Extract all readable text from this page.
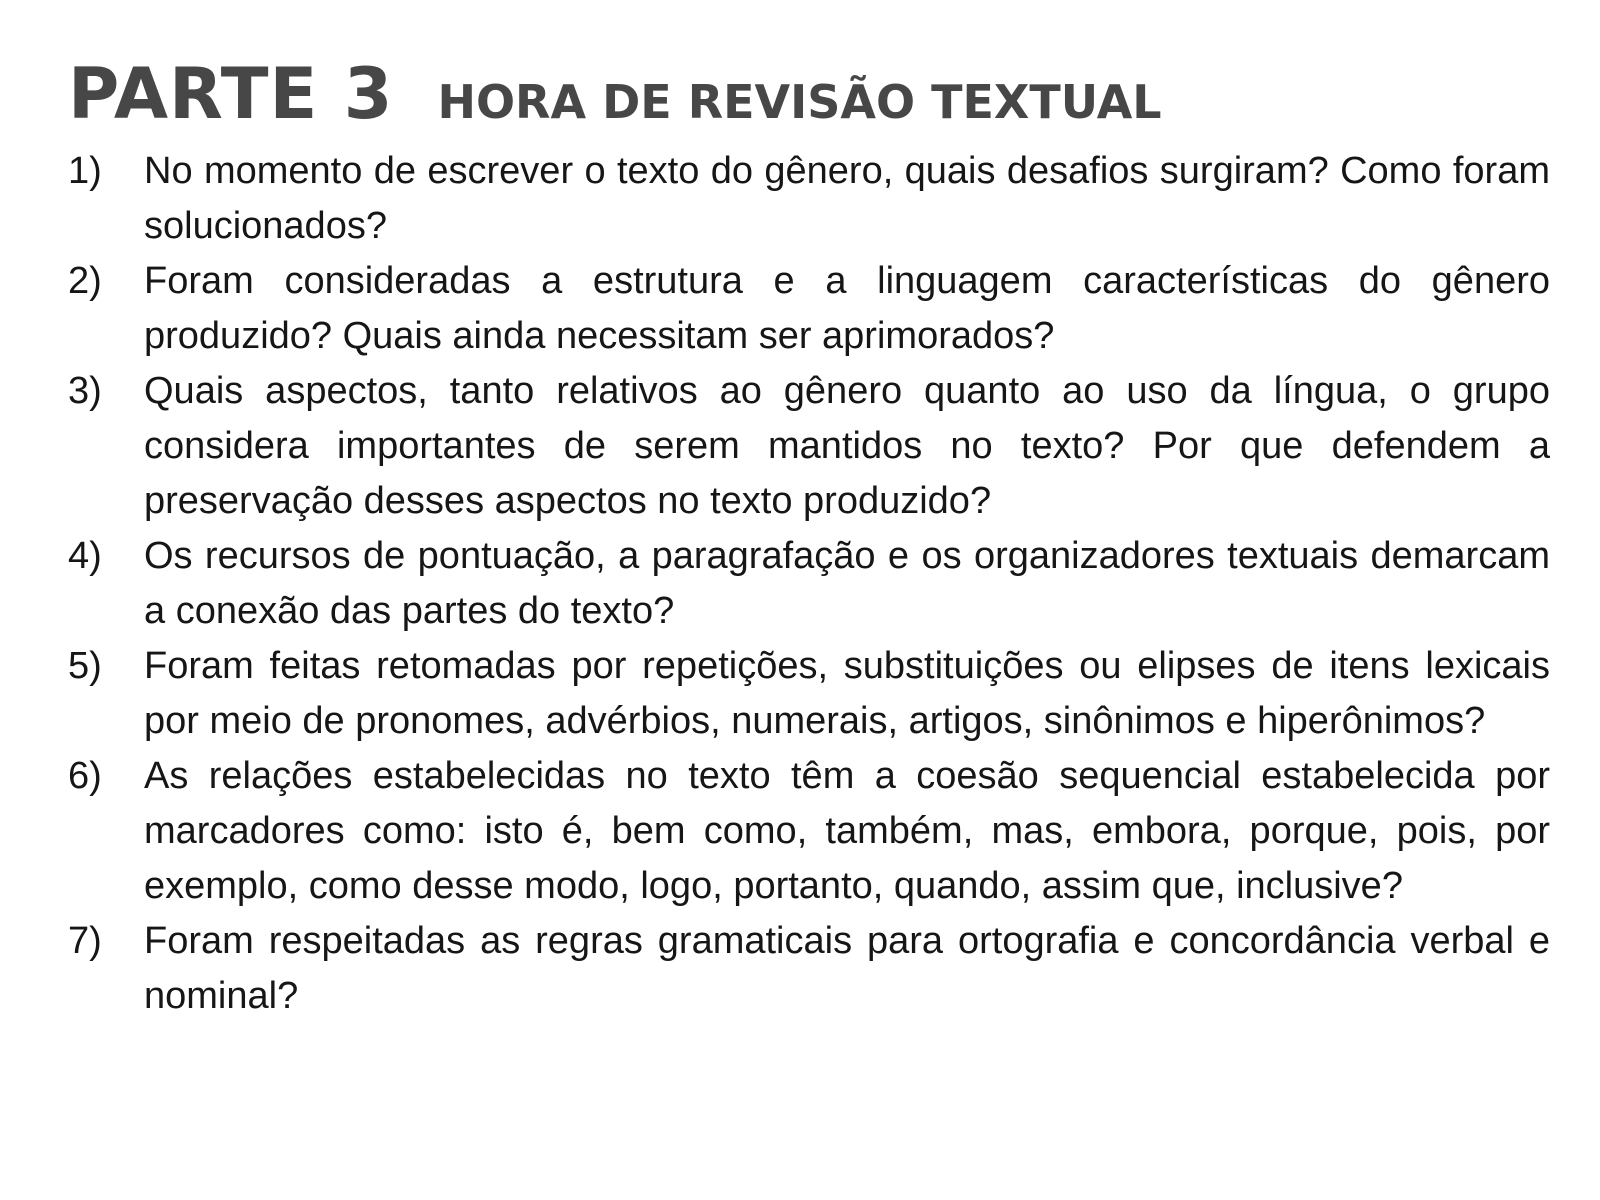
PARTE 3 HORA DE REVISÃO TEXTUAL
1)	No momento de escrever o texto do gênero, quais desafios surgiram? Como foram solucionados?
2)	Foram consideradas a estrutura e a linguagem características do gênero produzido? Quais ainda necessitam ser aprimorados?
3)	Quais aspectos, tanto relativos ao gênero quanto ao uso da língua, o grupo considera importantes de serem mantidos no texto? Por que defendem a preservação desses aspectos no texto produzido?
4)	Os recursos de pontuação, a paragrafação e os organizadores textuais demarcam a conexão das partes do texto?
5)	Foram feitas retomadas por repetições, substituições ou elipses de itens lexicais por meio de pronomes, advérbios, numerais, artigos, sinônimos e hiperônimos?
6)	As relações estabelecidas no texto têm a coesão sequencial estabelecida por marcadores como: isto é, bem como, também, mas, embora, porque, pois, por exemplo, como desse modo, logo, portanto, quando, assim que, inclusive?
7)	Foram respeitadas as regras gramaticais para ortografia e concordância verbal e nominal?
